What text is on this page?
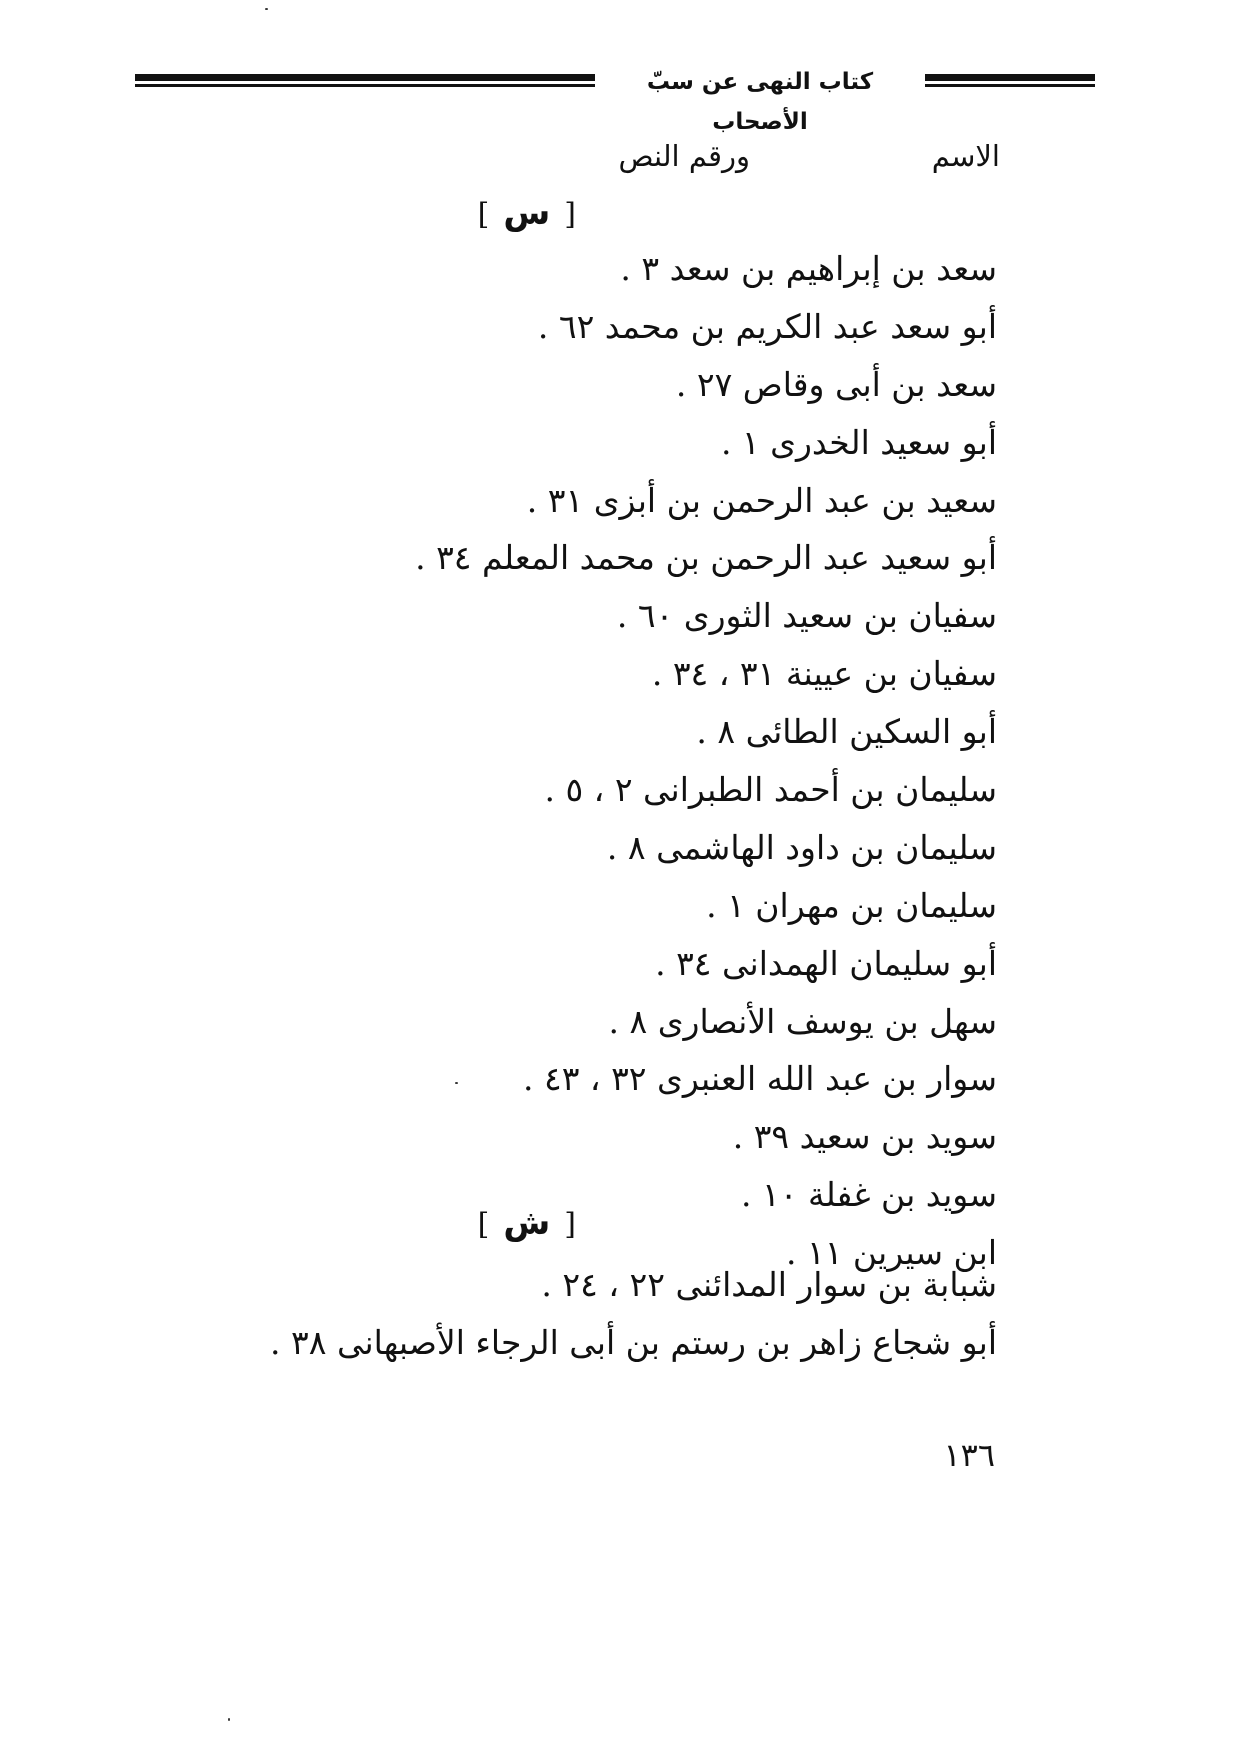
كتاب النهى عن سبّ الأصحاب
الاسم
ورقم النص
[س]
سعد بن إبراهيم بن سعد ٣ .
أبو سعد عبد الكريم بن محمد ٦٢ .
سعد بن أبى وقاص ٢٧ .
أبو سعيد الخدرى ١ .
سعيد بن عبد الرحمن بن أبزى ٣١ .
أبو سعيد عبد الرحمن بن محمد المعلم ٣٤ .
سفيان بن سعيد الثورى ٦٠ .
سفيان بن عيينة ٣١ ، ٣٤ .
أبو السكين الطائى ٨ .
سليمان بن أحمد الطبرانى ٢ ، ٥ .
سليمان بن داود الهاشمى ٨ .
سليمان بن مهران ١ .
أبو سليمان الهمدانى ٣٤ .
سهل بن يوسف الأنصارى ٨ .
سوار بن عبد الله العنبرى ٣٢ ، ٤٣ .
سويد بن سعيد ٣٩ .
سويد بن غفلة ١٠ .
ابن سيرين ١١ .
[ش]
شبابة بن سوار المدائنى ٢٢ ، ٢٤ .
أبو شجاع زاهر بن رستم بن أبى الرجاء الأصبهانى ٣٨ .
١٣٦
